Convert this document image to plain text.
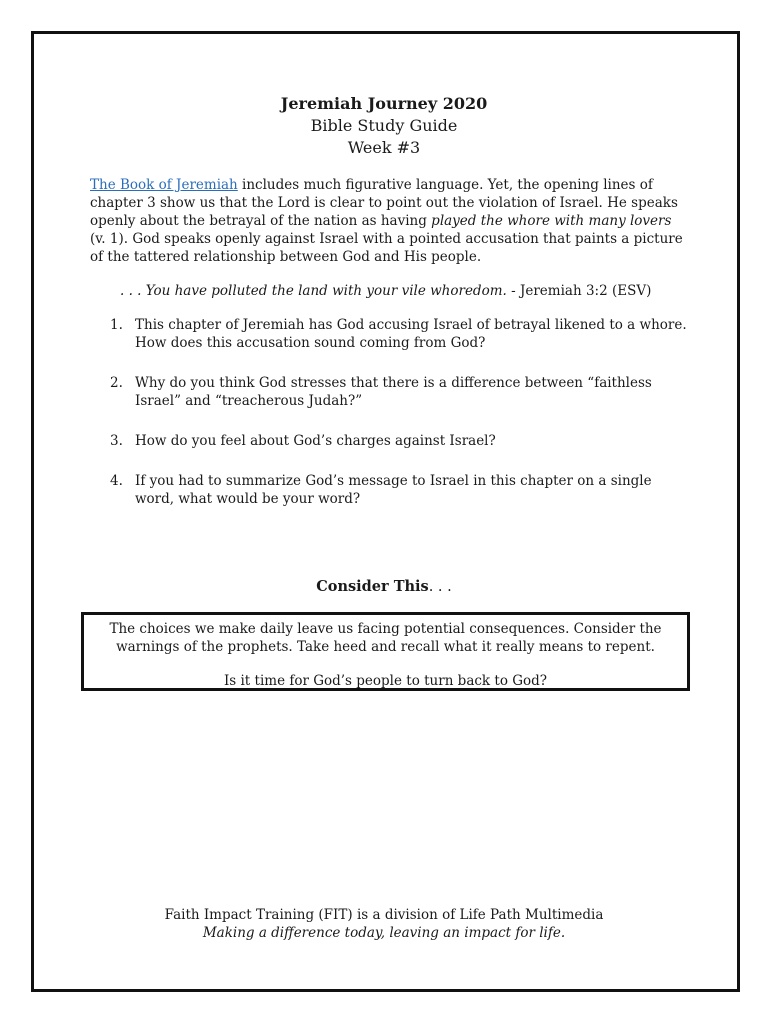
Jeremiah Journey 2020
Bible Study Guide
Week #3

The Book of Jeremiah includes much figurative language. Yet, the opening lines of chapter 3 show us that the Lord is clear to point out the violation of Israel. He speaks openly about the betrayal of the nation as having played the whore with many lovers (v. 1). God speaks openly against Israel with a pointed accusation that paints a picture of the tattered relationship between God and His people.

. . . You have polluted the land with your vile whoredom. - Jeremiah 3:2 (ESV)

1. This chapter of Jeremiah has God accusing Israel of betrayal likened to a whore. How does this accusation sound coming from God?
2. Why do you think God stresses that there is a difference between “faithless Israel” and “treacherous Judah?”
3. How do you feel about God’s charges against Israel?
4. If you had to summarize God’s message to Israel in this chapter on a single word, what would be your word?
Consider This. . .
The choices we make daily leave us facing potential consequences. Consider the warnings of the prophets. Take heed and recall what it really means to repent.
Is it time for God’s people to turn back to God?
Faith Impact Training (FIT) is a division of Life Path Multimedia
Making a difference today, leaving an impact for life.
